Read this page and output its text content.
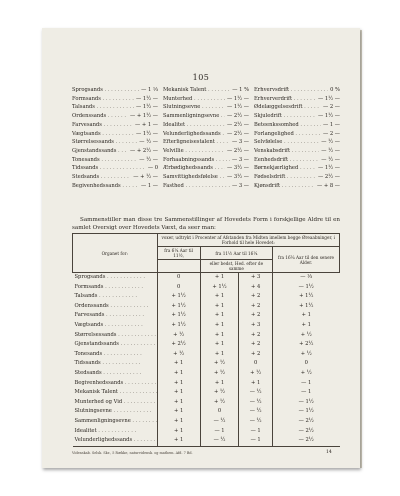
105
Sprogsands . . .	— 1 ⅓
Formsands . . .	— 1½ —
Talsands . . .	— 1½ —
Ordenssands . . .	— + 1½ —
Farvesands . . .	— + 1 —
Vægtsands . . .	— 1½ —
Størrelsessands . . .	— ½ —
Gjenstandssands . . .	— + 2½ —
Tonesands . . .	— ½ —
Tidssands . . .	— 0
Stedsands . . .	— + ½ —
Begivenhedssands . . .	— 1 —
Mekanisk Talent . . .	— 1 %
Munterhed . . .	— 1½ —
Slutningsevne . . .	— 1½ —
Sammenligningsevne . . .	— 2½ —
Idealitet . . .	— 2½ —
Velunderlighedssands . . .	— 2½ —
Efterligneisestalent . . .	— 3 —
Velvillie . . .	— 2½ —
Forhaabningssands . . .	— 3 —
Ærbødighedssands . . .	— 3½ —
Samvittighedsfølelse . . .	— 3½ —
Fasthed . . .	— 3 —
Erhvervsdrift . . .	0 %
Erhververdrift . . .	— 1½ —
Ødelæggelsesdrift . . .	— 2 —
Skjuledrift . . .	— 1½ —
Beteenkssomhed . . .	— 1 —
Forlangelighed . . .	— 2 —
Selvfølelse . . .	— ½ —
Venskabsdrift . . .	— ½ —
Eenhedsdrift . . .	— ½ —
Børnekjærlighed . . .	— 1½ —
Fødselsdrift . . .	— 2½ —
Kjønsdrift . . .	— + 8 —
Sammenstiller man disse tre Sammenstillinger af Hovedets Form i forskjellige Aldre til en samlet Oversigt over Hovedets Væxt, da seer man:
Organet for:	voxer, udtrykt i Procenter af Afstanden fra Midten imellem begge Øreaabninger, i Forhold til hele Hovedet:			
	fra 6¼ Aar til 11½,	fra 11½ Aar til 16¼		fra 16¼ Aar til den senere Alder.
		eller bedst, Hed. efter de samme		
Sprogsands . . .	0	+ 1	+ 3	— ⅓
Formsands . . .	0	+ 1½	+ 4	— 1½
Talsands . . .	+ 1½	+ 1	+ 2	+ 1½
Ordenssands . . .	+ 1½	+ 1	+ 2	+ 1½
Farvesands . . .	+ 1½	+ 1	+ 2	+ 1
Vægtsands . . .	+ 1½	+ 1	+ 3	+ 1
Størrelsessands . . .	+ ½	+ 1	+ 2	+ ½
Gjenstandssands . . .	+ 2½	+ 1	+ 2	+ 2½
Tonesands . . .	+ ½	+ 1	+ 2	+ ½
Tidssands . . .	+ 1	+ ½	0	0
Stedsands . . .	+ 1	+ ½	+ ½	+ ½
Begivenhedssands . . .	+ 1	+ 1	+ 1	— 1
Mekanisk Talent . . .	+ 1	+ ½	— ½	— 1
Munterhed og Vid . . .	+ 1	+ ½	— ½	— 1½
Slutningsevne . . .	+ 1	0	— ½	— 1½
Sammenligningsevne . . .	+ 1	— ½	— ½	— 2½
Idealitet . . .	+ 1	— 1	— 1	— 2½
Velunderlighedssands . . .	+ 1	— ½	— 1	— 2½
Videnskab. Selsk. Skr., 5 Række, naturvidensk. og mathem. Afd. 7 Bd.	14
